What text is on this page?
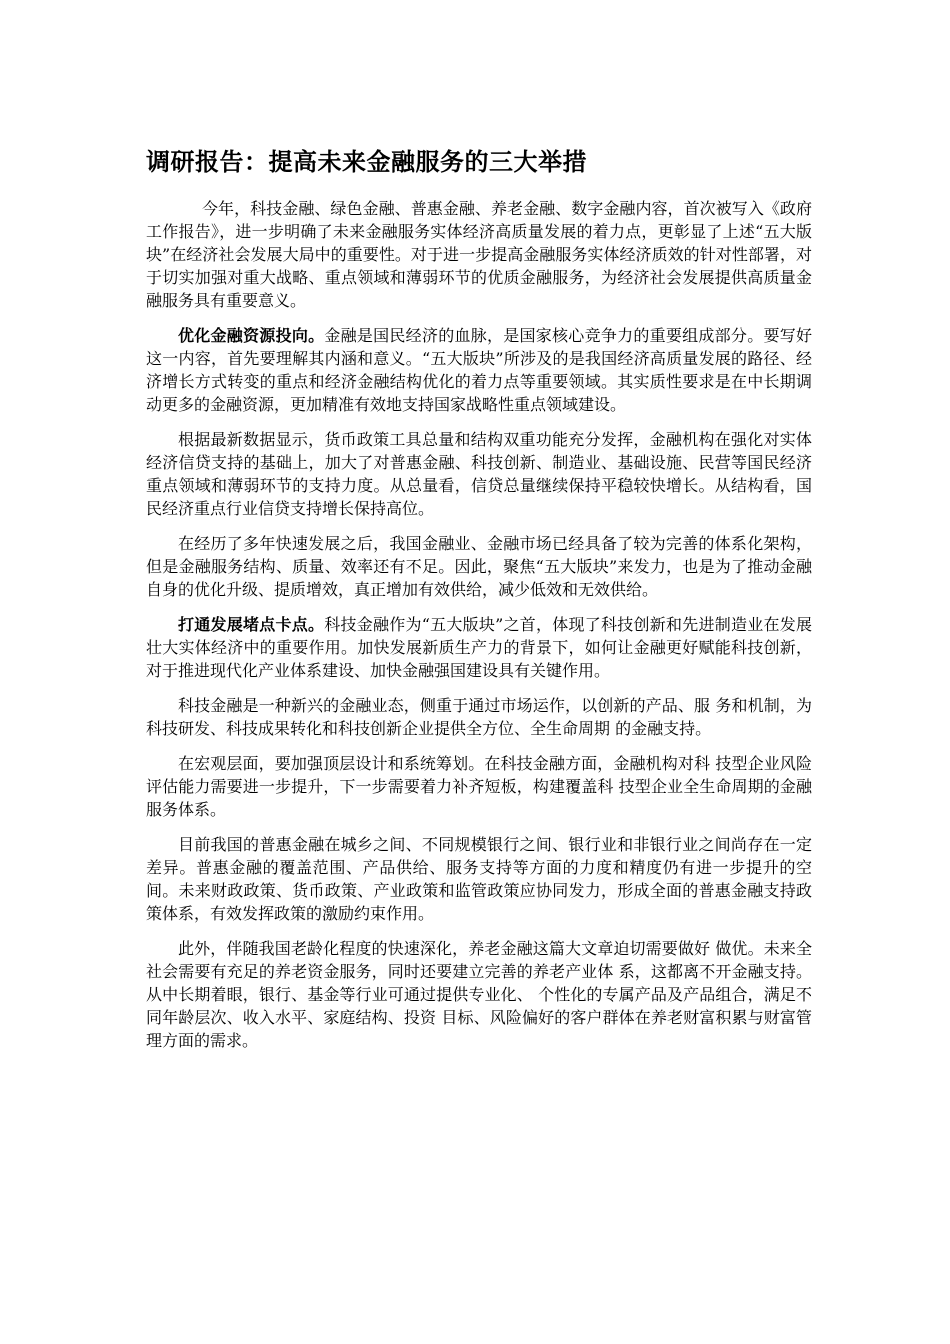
调研报告：提高未来金融服务的三大举措

今年，科技金融、绿色金融、普惠金融、养老金融、数字金融内容，首次被写入《政府工作报告》，进一步明确了未来金融服务实体经济高质量发展的着力点，更彰显了上述“五大版块”在经济社会发展大局中的重要性。对于进一步提高金融服务实体经济质效的针对性部署，对于切实加强对重大战略、重点领域和薄弱环节的优质金融服务，为经济社会发展提供高质量金融服务具有重要意义。

优化金融资源投向。金融是国民经济的血脉，是国家核心竞争力的重要组成部分。要写好这一内容，首先要理解其内涵和意义。“五大版块”所涉及的是我国经济高质量发展的路径、经济增长方式转变的重点和经济金融结构优化的着力点等重要领域。其实质性要求是在中长期调动更多的金融资源，更加精准有效地支持国家战略性重点领域建设。

根据最新数据显示，货币政策工具总量和结构双重功能充分发挥，金融机构在强化对实体经济信贷支持的基础上，加大了对普惠金融、科技创新、制造业、基础设施、民营等国民经济重点领域和薄弱环节的支持力度。从总量看，信贷总量继续保持平稳较快增长。从结构看，国民经济重点行业信贷支持增长保持高位。

在经历了多年快速发展之后，我国金融业、金融市场已经具备了较为完善的体系化架构，但是金融服务结构、质量、效率还有不足。因此，聚焦“五大版块”来发力，也是为了推动金融自身的优化升级、提质增效，真正增加有效供给，减少低效和无效供给。

打通发展堵点卡点。科技金融作为“五大版块”之首，体现了科技创新和先进制造业在发展壮大实体经济中的重要作用。加快发展新质生产力的背景下，如何让金融更好赋能科技创新，对于推进现代化产业体系建设、加快金融强国建设具有关键作用。

科技金融是一种新兴的金融业态，侧重于通过市场运作，以创新的产品、服 务和机制，为科技研发、科技成果转化和科技创新企业提供全方位、全生命周期 的金融支持。

在宏观层面，要加强顶层设计和系统筹划。在科技金融方面，金融机构对科 技型企业风险评估能力需要进一步提升，下一步需要着力补齐短板，构建覆盖科 技型企业全生命周期的金融服务体系。

目前我国的普惠金融在城乡之间、不同规模银行之间、银行业和非银行业之间尚存在一定差异。普惠金融的覆盖范围、产品供给、服务支持等方面的力度和精度仍有进一步提升的空间。未来财政政策、货币政策、产业政策和监管政策应协同发力，形成全面的普惠金融支持政策体系，有效发挥政策的激励约束作用。

此外，伴随我国老龄化程度的快速深化，养老金融这篇大文章迫切需要做好 做优。未来全社会需要有充足的养老资金服务，同时还要建立完善的养老产业体 系，这都离不开金融支持。从中长期着眼，银行、基金等行业可通过提供专业化、 个性化的专属产品及产品组合，满足不同年龄层次、收入水平、家庭结构、投资 目标、风险偏好的客户群体在养老财富积累与财富管理方面的需求。
